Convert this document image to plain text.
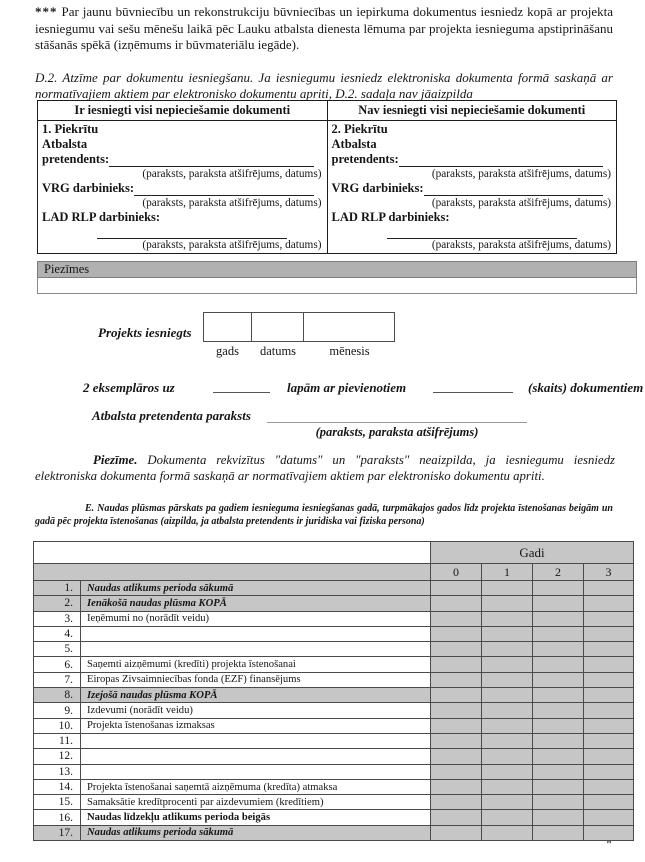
*** Par jaunu būvniecību un rekonstrukciju būvniecības un iepirkuma dokumentus iesniedz kopā ar projekta iesniegumu vai sešu mēnešu laikā pēc Lauku atbalsta dienesta lēmuma par projekta iesnieguma apstiprināšanu stāšanās spēkā (izņēmums ir būvmateriālu iegāde).

D.2. Atzīme par dokumentu iesniegšanu. Ja iesniegumu iesniedz elektroniska dokumenta formā saskaņā ar normatīvajiem aktiem par elektronisko dokumentu apriti, D.2. sadaļa nav jāaizpilda

Ir iesniegti visi nepieciešamie dokumenti	Nav iesniegti visi nepieciešamie dokumenti

1. Piekrītu
Atbalsta
pretendents:
(paraksts, paraksta atšifrējums, datums)
VRG darbinieks:
(paraksts, paraksta atšifrējums, datums)
LAD RLP darbinieks:
(paraksts, paraksta atšifrējums, datums)

2. Piekrītu
Atbalsta
pretendents:
(paraksts, paraksta atšifrējums, datums)
VRG darbinieks:
(paraksts, paraksta atšifrējums, datums)
LAD RLP darbinieks:
(paraksts, paraksta atšifrējums, datums)
Piezīmes
Projekts iesniegts
gads	datums	mēnesis
2 eksemplāros uz	lapām ar pievienotiem	(skaits) dokumentiem
Atbalsta pretendenta paraksts
(paraksts, paraksta atšifrējums)

Piezīme. Dokumenta rekvizītus "datums" un "paraksts" neaizpilda, ja iesniegumu iesniedz elektroniska dokumenta formā saskaņā ar normatīvajiem aktiem par elektronisko dokumentu apriti.

E. Naudas plūsmas pārskats pa gadiem iesnieguma iesniegšanas gadā, turpmākajos gados līdz projekta īstenošanas beigām un gadā pēc projekta īstenošanas (aizpilda, ja atbalsta pretendents ir juridiska vai fiziska persona)

		Gadi			
		0	1	2	3
1.	Naudas atlikums perioda sākumā				
2.	Ienākošā naudas plūsma KOPĀ				
3.	Ieņēmumi no (norādīt veidu)				
4.					
5.					
6.	Saņemti aizņēmumi (kredīti) projekta īstenošanai				
7.	Eiropas Zivsaimniecības fonda (EZF) finansējums				
8.	Izejošā naudas plūsma KOPĀ				
9.	Izdevumi (norādīt veidu)				
10.	Projekta īstenošanas izmaksas				
11.					
12.					
13.					
14.	Projekta īstenošanai saņemtā aizņēmuma (kredīta) atmaksa				
15.	Samaksātie kredītprocenti par aizdevumiem (kredītiem)				
16.	Naudas līdzekļu atlikums perioda beigās				
17.	Naudas atlikums perioda sākumā				
"
